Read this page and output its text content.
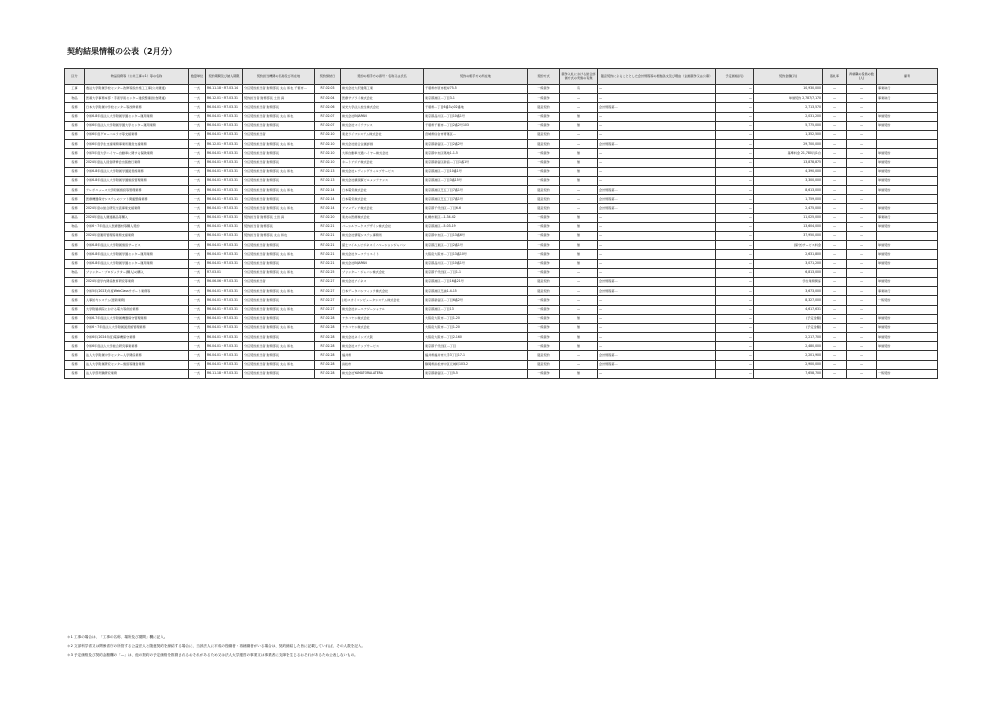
契約結果情報の公表（2月分）
区分	物品役務等（公共工事＊1）等の名称	数量単位	契約期間及び納入期限	契約担当機関の名称及び所在地	契約締結日	契約の相手方の商号・名称又は氏名	契約の相手方の所在地	契約方式	競争入札における総合評価方式の実施の有無	随意契約によることとした会計規程等の根拠条文及び理由（企画競争又は公募）	予定価格(円)	契約金額(円)	落札率	再就職の役員の数(人)	備考
工事	農法大学附属学校センター改修等設計施工工事(公共調達)	一式	R6.11.18～R7.03.14	分任契約担当者 財務部長 太山 和也 千葉市…	R7.02.03	株式会社大沢建築工業	千葉県市原市根岸75-5	一般競争	有	—	—	10,930,000	—	—	事業執行
物品	医薬大学事務本部・手術学術センター建設整備(給食関連)	一式	R6.12.01～R7.03.31	契約担当者 財務部長 土田 真	R7.02.04	医療サプライ株式会社	東京都港区…丁目3-1	一般競争	—	—	—	単価契約 2,787/7,170	—	—	事業執行
役務	日本大学附属中学校センター等改修業務	一式	R6.04.01～R7.03.31	分任契約担当者 財務部長	R7.02.06	栄光大学法人校生株式会社	千葉県…丁目6番3の02番地	随意契約	—	会計規程第…	—	2,713,570	—	—	
役務	令和6-8年度法人大学附属学園センター運用業務	一式	R6.04.01～R7.03.31	分任契約担当者 財務部長 太山 和也	R7.02.07	株式会社INJAPAN	東京都品川区…丁目10番1号	一般競争	無	—	—	2,031,200	—	—	単価契約
役務	令和6年度法人大学附属学園大学センター運用業務	一式	R6.04.01～R7.03.31	分任契約担当者 財務部長	R7.02.07	株式会社マイテナンス	千葉県千葉市…丁目2番2号103	一般競争	無	—	—	5,775,000	—	—	単価契約
役務	令和6年度グローバルラボ等支援業務	一式	R6.04.01～R7.03.31	分任契約担当者	R7.02.10	東北ライフシステム株式会社	宮城県仙台市青葉区…	随意契約	—	—	—	1,352,500	—	—	
役務	令和6年度学生支援業務事業所運営支援業務	一式	R6.12.01～R7.03.31	分任契約担当者 財務部長 太山 和也	R7.02.10	株式会社総合企画評価	東京都新宿区…丁目2番2号	随意契約	—	会計規程第…	—	29,700,000	—	—	
役務	令和5年度大学ハイヤー自動車に関する保険業務	一式	R6.04.01～R7.03.31	分任契約担当者 財務部長	R7.02.10	大和自動車交通ハイヤー株式会社	東京都中央区築地1-1-5	一般競争	無	—	—	基準料金 21,780円/1台	—	—	単価契約
役務	2024年度法人経営研修会出張旅行業務	一式	R6.04.01～R7.03.31	分任契約担当者 財務部長	R7.02.10	キートアジア株式会社	東京都新宿区新宿…丁目1番1号	一般競争	無	—	—	13,878,875	—	—	単価契約
役務	令和6-8年度法人大学附属学園図書館業務	一式	R6.04.01～R7.03.31	分任契約担当者 財務部長 太山 和也	R7.02.13	株式会社レディングウィルプサービス	東京都港区…丁目10番1号	一般競争	無	—	—	4,390,000	—	—	単価契約
役務	令和6-8年度法人大学附属学園施設管理業務	一式	R6.04.01～R7.03.31	分任契約担当者 財務部長	R7.02.13	株式会社横須賀ビルメンテナンス	東京都港区…丁目3番15号	一般競争	無	—	—	3,300,000	—	—	単価契約
役務	テレポニュース大学附属施設等管理業務	一式	R6.04.01～R7.03.31	分任契約担当者 財務部長 太山 和也	R7.02.14	日本電気株式会社	東京都港区芝五丁目7番1号	随意契約	—	会計規程第…	—	8,613,000	—	—	単価契約
役務	医療機器保守システムのソフト関連整備業務	一式	R6.04.01～R7.03.31	分任契約担当者 財務部長	R7.02.14	日本電気株式会社	東京都港区芝五丁目7番1号	随意契約	—	会計規程第…	—	1,759,000	—	—	
役務	2024年度の総合研究交流事業支援業務	一式	R6.04.01～R7.03.31	分任契約担当者 財務部長 太山 和也	R7.02.14	アマメディア株式会社	東京都千代田区…丁目6-6	随意契約	—	会計規程第…	—	2,475,000	—	—	単価契約
薬品	2024年度法人調達薬品等購入	一式	R6.04.01～R7.03.31	契約担当者 財務部長 土田 真	R7.02.20	東友の医療株式会社	札幌市東区…1-34-42	一般競争	無	—	—	11,025,000	—	—	事業執行
物品	令和6～7年度法人医療器材等購入契約	一式	R6.04.01～R7.03.31	契約担当者 財務部長	R7.02.21	パーシルワークスデザイン株式会社	東京都港区…5-03-19	一般競争	無	—	—	13,604,000	—	—	単価契約
役務	2024年度運用管理等業務支援業務	一式	R6.04.01～R7.03.31	契約担当者 財務部長 太山 和也	R7.02.21	株式会社情報システム事務所	東京都中央区…丁目13番6号	一般競争	無	—	—	37,950,000	—	—	
役務	令和6-8年度法人大学附属施設サービス	一式	R6.04.01～R7.03.31	分任契約担当者 財務部長	R7.02.21	富士フイルムビジネスイノベーションジャパン	東京都江東区…丁目2番1号	一般競争	無	—	—	(保守)サービス料金	—	—	単価契約
役務	令和6-8年度法人大学附属学園センター運用業務	一式	R6.04.01～R7.03.31	分任契約担当者 財務部長 太山 和也	R7.02.21	株式会社ターフテリエイト	大阪府大阪市…丁目13番10号	一般競争	無	—	—	2,631,800	—	—	単価契約
役務	令和6-8年度法人大学附属学園センター運用業務	一式	R6.04.01～R7.03.31	分任契約担当者 財務部長	R7.02.21	株式会社INJAPAN	東京都品川区…丁目10番1号	一般競争	無	—	—	3,071,200	—	—	単価契約
物品	プリンター・プロジェクター(購入)の購入	一式	R7.03.01	分任契約担当者 財務部長 太山 和也	R7.02.25	プリンター・ジャパン株式会社	東京都千代田区…丁目1-1	一般競争	—	—	—	6,813,000	—	—	
役務	2024年度学内関係教育研究等業務	一式	R6.06.06～R7.03.31	分任契約担当者	R7.02.27	株式会社アイネス	東京都港区…丁目16番21号	随意契約	—	会計規程第…	—	学生業務関係	—	—	単価契約
役務	令和5年(2023)年度WebClassサポート業務等	一式	R6.04.01～R7.03.31	分任契約担当者 財務部長 太山 和也	R7.02.27	日本データパシフィック株式会社	東京都港区芝浦1-4-15	随意契約	—	会計規程第…	—	3,673,000	—	—	事業執行
役務	人事給与システム(更新業務)	一式	R6.04.01～R7.03.31	分任契約担当者 財務部長	R7.02.27	(共)スカイコンピュータシステム株式会社	東京都新宿区…丁目6番2号	一般競争	—	—	—	8,327,000	—	—	一般契約
役務	大学附属病院における電力等供給業務	一式	R6.04.01～R7.03.31	分任契約担当者 財務部長 太山 和也	R7.02.27	株式会社ホーエナジーシャナル	東京都港区…丁目13	一般競争	—	—	—	4,617,631	—	—	
役務	令和6-7年度法人大学附属機器保守管理業務	一式	R6.04.01～R7.03.31	分任契約担当者 財務部長	R7.02.28	ナカバヤシ株式会社	大阪府大阪市…丁目1-20	一般競争	無	—	—	(予定金額)	—	—	単価契約
役務	令和6～7年度法人大学附属図書館管理業務	一式	R6.04.01～R7.03.31	分任契約担当者 財務部長 太山 和也	R7.02.28	ナカバヤシ株式会社	大阪府大阪市…丁目1-20	一般競争	無	—	—	(予定金額)	—	—	単価契約
役務	令和6年(2024年度)電算機保守業務	一式	R6.04.01～R7.03.31	分任契約担当者 財務部長	R7.02.28	株式会社ネインズ大阪	大阪府大阪市…丁目2-160	一般競争	無	—	—	2,217,700	—	—	単価契約
役務	令和6年度法人大学総合研究事業業務	一式	R6.04.01～R7.03.31	分任契約担当者 財務部長 太山 和也	R7.02.28	株式会社ステップサービス	東京都千代田区…丁目	一般競争	無	—	—	2,480,000	—	—	単価契約
役務	法人大学附属中学センター入学関係業務	一式	R6.04.01～R7.03.31	分任契約担当者 財務部長	R7.02.28	福井県	福井県福井市大手3丁目17-1	随意契約	—	会計規程第…	—	2,201,900	—	—	
役務	法人大学附属研究センター施設等運営業務	一式	R6.04.01～R7.03.31	分任契約担当者 財務部長 太山 和也	R7.02.28	浜松市	静岡県浜松市中区元城町103-2	随意契約	—	会計規程第…	—	2,900,000	—	—	
役務	法人学部実験研究業務	一式	R6.11.18～R7.03.31	分任契約担当者 財務部長	R7.02.28	株式会社YAMATORALATERA	東京都新宿区…丁目5-5	一般競争	無	—	—	7,658,700	—	—	一般契約
＊1 工事の場合は、「工事の名称、場所及び期間」欄に記入。
＊2 文部科学省又は関係省庁の所管する公益法人と随意契約を締結する場合に、当該法人に平成の役職者・再就職者がいる場合は、契約締結した旨に記載していれば、その人数を記入。
＊3 予定価格及び契約金額欄の「—」は、他の契約の予定価格を推測されるおそれがあるため又は法人大学運営の事業又は事業者に支障を生じるおそれがあるため公表しないもの。
